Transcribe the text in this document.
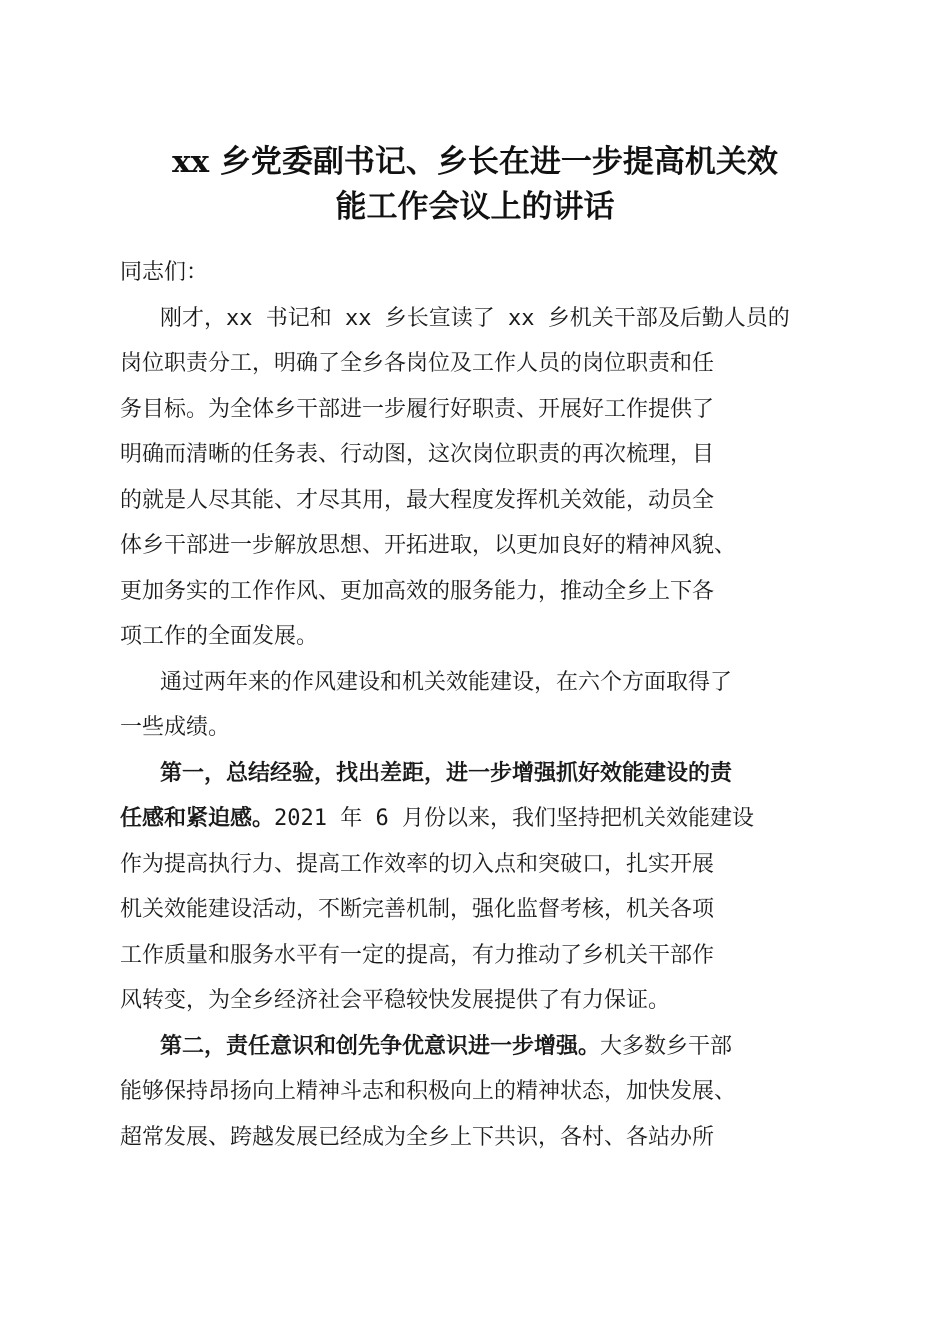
xx 乡党委副书记、乡长在进一步提高机关效
能工作会议上的讲话
同志们：
刚才，xx 书记和 xx 乡长宣读了 xx 乡机关干部及后勤人员的
岗位职责分工，明确了全乡各岗位及工作人员的岗位职责和任
务目标。为全体乡干部进一步履行好职责、开展好工作提供了
明确而清晰的任务表、行动图，这次岗位职责的再次梳理，目
的就是人尽其能、才尽其用，最大程度发挥机关效能，动员全
体乡干部进一步解放思想、开拓进取，以更加良好的精神风貌、
更加务实的工作作风、更加高效的服务能力，推动全乡上下各
项工作的全面发展。
通过两年来的作风建设和机关效能建设，在六个方面取得了
一些成绩。
第一，总结经验，找出差距，进一步增强抓好效能建设的责
任感和紧迫感。2021 年 6 月份以来，我们坚持把机关效能建设
作为提高执行力、提高工作效率的切入点和突破口，扎实开展
机关效能建设活动，不断完善机制，强化监督考核，机关各项
工作质量和服务水平有一定的提高，有力推动了乡机关干部作
风转变，为全乡经济社会平稳较快发展提供了有力保证。
第二，责任意识和创先争优意识进一步增强。大多数乡干部
能够保持昂扬向上精神斗志和积极向上的精神状态，加快发展、
超常发展、跨越发展已经成为全乡上下共识，各村、各站办所
